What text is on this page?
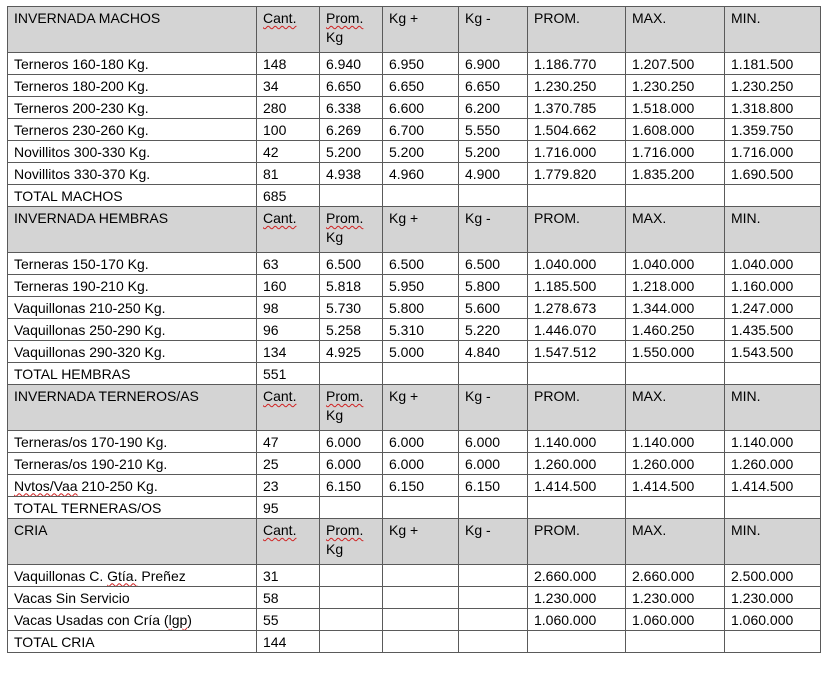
INVERNADA MACHOS	Cant.	Prom. Kg	Kg +	Kg -	PROM.	MAX.	MIN.
Terneros 160-180 Kg.	148	6.940	6.950	6.900	1.186.770	1.207.500	1.181.500
Terneros 180-200 Kg.	34	6.650	6.650	6.650	1.230.250	1.230.250	1.230.250
Terneros 200-230 Kg.	280	6.338	6.600	6.200	1.370.785	1.518.000	1.318.800
Terneros 230-260 Kg.	100	6.269	6.700	5.550	1.504.662	1.608.000	1.359.750
Novillitos 300-330 Kg.	42	5.200	5.200	5.200	1.716.000	1.716.000	1.716.000
Novillitos 330-370 Kg.	81	4.938	4.960	4.900	1.779.820	1.835.200	1.690.500
TOTAL MACHOS	685						
INVERNADA HEMBRAS	Cant.	Prom. Kg	Kg +	Kg -	PROM.	MAX.	MIN.
Terneras 150-170 Kg.	63	6.500	6.500	6.500	1.040.000	1.040.000	1.040.000
Terneras 190-210 Kg.	160	5.818	5.950	5.800	1.185.500	1.218.000	1.160.000
Vaquillonas 210-250 Kg.	98	5.730	5.800	5.600	1.278.673	1.344.000	1.247.000
Vaquillonas 250-290 Kg.	96	5.258	5.310	5.220	1.446.070	1.460.250	1.435.500
Vaquillonas 290-320 Kg.	134	4.925	5.000	4.840	1.547.512	1.550.000	1.543.500
TOTAL HEMBRAS	551						
INVERNADA TERNEROS/AS	Cant.	Prom. Kg	Kg +	Kg -	PROM.	MAX.	MIN.
Terneras/os 170-190 Kg.	47	6.000	6.000	6.000	1.140.000	1.140.000	1.140.000
Terneras/os 190-210 Kg.	25	6.000	6.000	6.000	1.260.000	1.260.000	1.260.000
Nvtos/Vaa 210-250 Kg.	23	6.150	6.150	6.150	1.414.500	1.414.500	1.414.500
TOTAL TERNERAS/OS	95						
CRIA	Cant.	Prom. Kg	Kg +	Kg -	PROM.	MAX.	MIN.
Vaquillonas C. Gtía. Preñez	31				2.660.000	2.660.000	2.500.000
Vacas Sin Servicio	58				1.230.000	1.230.000	1.230.000
Vacas Usadas con Cría (lgp)	55				1.060.000	1.060.000	1.060.000
TOTAL CRIA	144						
